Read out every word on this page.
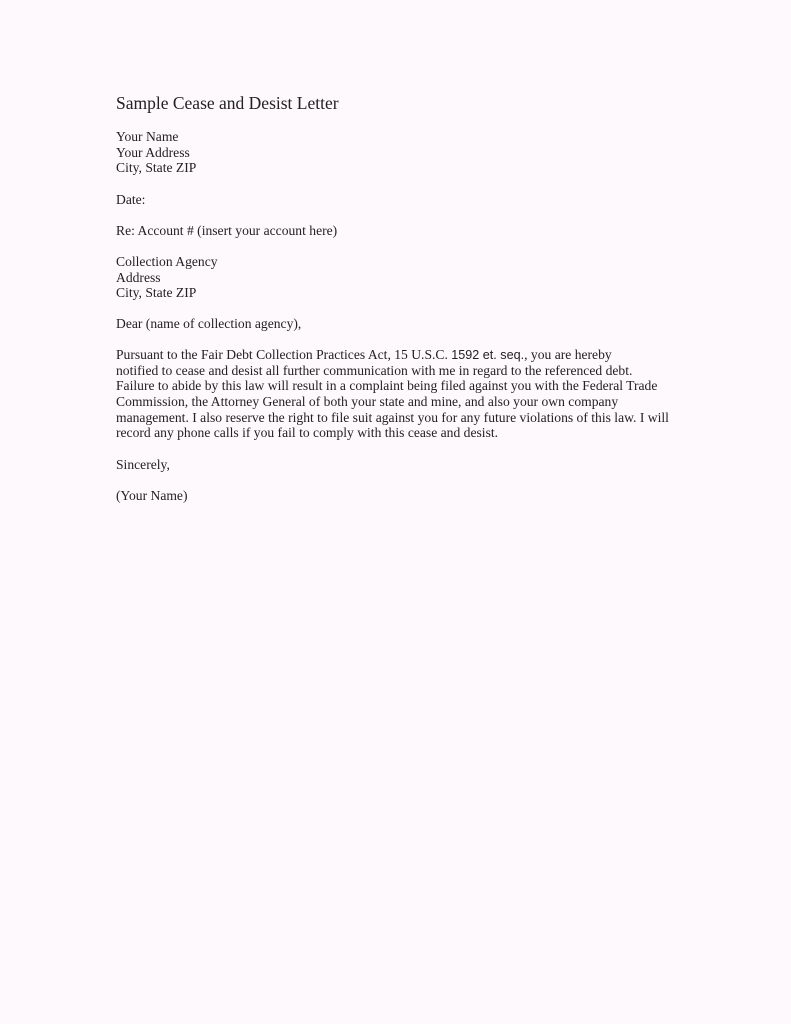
Sample Cease and Desist Letter
Your Name
Your Address
City, State ZIP
Date:
Re: Account # (insert your account here)
Collection Agency
Address
City, State ZIP
Dear (name of collection agency),
Pursuant to the Fair Debt Collection Practices Act, 15 U.S.C. 1592 et. seq., you are hereby
notified to cease and desist all further communication with me in regard to the referenced debt.
Failure to abide by this law will result in a complaint being filed against you with the Federal Trade
Commission, the Attorney General of both your state and mine, and also your own company
management. I also reserve the right to file suit against you for any future violations of this law. I will
record any phone calls if you fail to comply with this cease and desist.
Sincerely,
(Your Name)
